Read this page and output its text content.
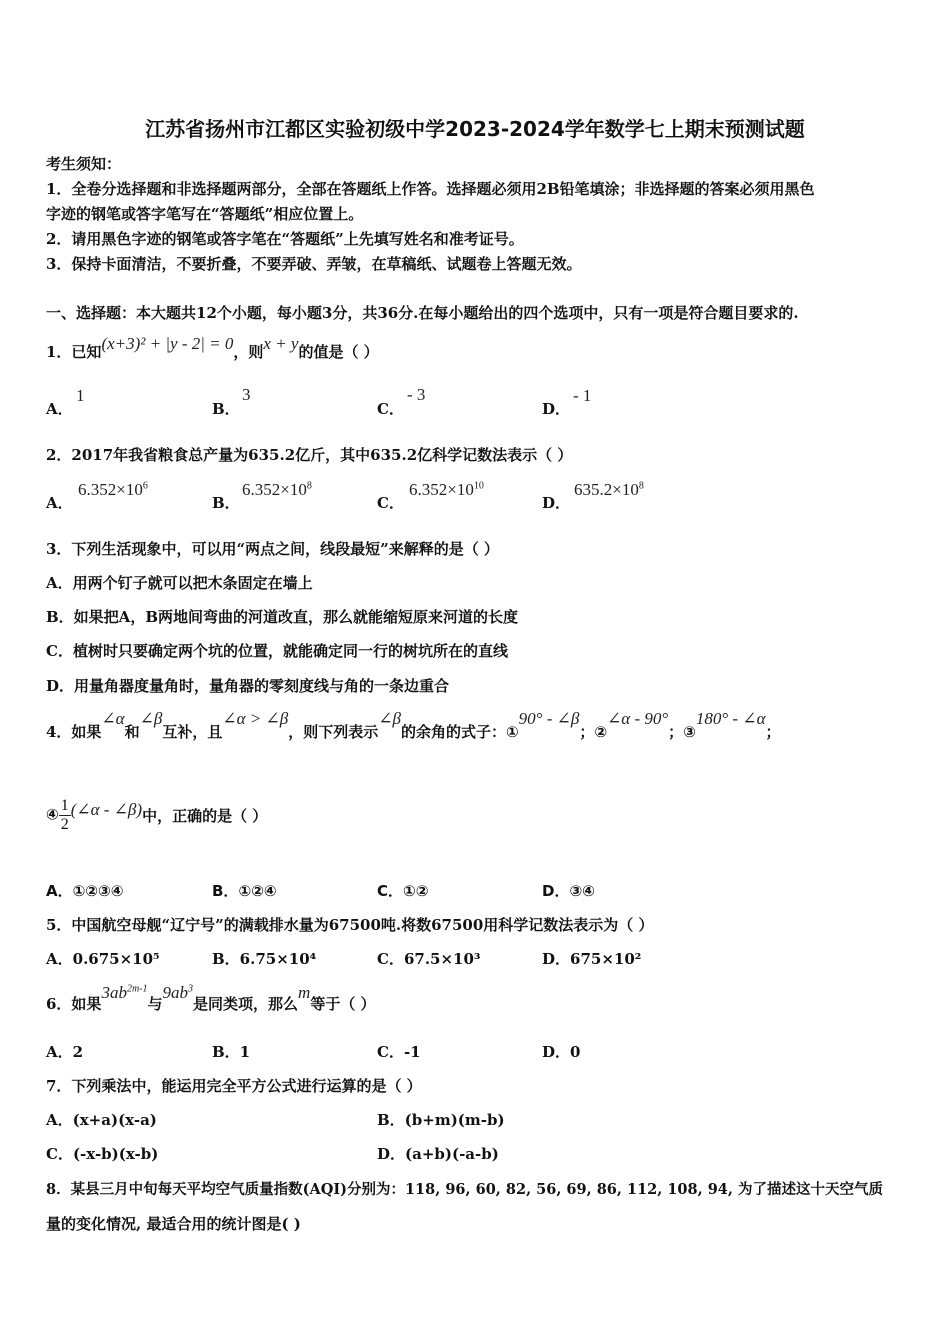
江苏省扬州市江都区实验初级中学2023-2024学年数学七上期末预测试题
考生须知：
1．全卷分选择题和非选择题两部分，全部在答题纸上作答。选择题必须用2B铅笔填涂；非选择题的答案必须用黑色
字迹的钢笔或答字笔写在“答题纸”相应位置上。
2．请用黑色字迹的钢笔或答字笔在“答题纸”上先填写姓名和准考证号。
3．保持卡面清洁，不要折叠，不要弄破、弄皱，在草稿纸、试题卷上答题无效。
一、选择题：本大题共12个小题，每小题3分，共36分.在每小题给出的四个选项中，只有一项是符合题目要求的.
1．已知(x+3)² + |y - 2| = 0，则x + y的值是（ ）
A．
1
B．
3
C．
- 3
D．
- 1
2．2017年我省粮食总产量为635.2亿斤，其中635.2亿科学记数法表示（ ）
A．
$6.352\times 10^6$
B．
$6.352\times 10^8$
C．
$6.352\times 10^{10}$
D．
$635.2\times 10^8$
3．下列生活现象中，可以用“两点之间，线段最短”来解释的是（ ）
A．用两个钉子就可以把木条固定在墙上
B．如果把A，B两地间弯曲的河道改直，那么就能缩短原来河道的长度
C．植树时只要确定两个坑的位置，就能确定同一行的树坑所在的直线
D．用量角器度量角时，量角器的零刻度线与角的一条边重合
4．如果∠α和∠β互补，且∠α > ∠β，则下列表示∠β的余角的式子：①90° - ∠β；②∠α - 90°；③180° - ∠α；
④ $\frac{1}{2}$ (∠α - ∠β)中，正确的是（ ）
A．①②③④	B．①②④	C．①②	D．③④
5．中国航空母舰“辽宁号”的满载排水量为67500吨.将数67500用科学记数法表示为（ ）
A．0.675×10⁵	B．6.75×10⁴	C．67.5×10³	D．675×10²
6．如果$3ab^{2m-1}$与$9ab^3$是同类项，那么m等于（ ）
A．2	B．1	C．-1	D．0
7．下列乘法中，能运用完全平方公式进行运算的是（ ）
A．(x+a)(x-a)	B．(b+m)(m-b)
C．(-x-b)(x-b)	D．(a+b)(-a-b)
8．某县三月中旬每天平均空气质量指数(AQI)分别为：118, 96, 60, 82, 56, 69, 86, 112, 108, 94, 为了描述这十天空气质
量的变化情况, 最适合用的统计图是( )
